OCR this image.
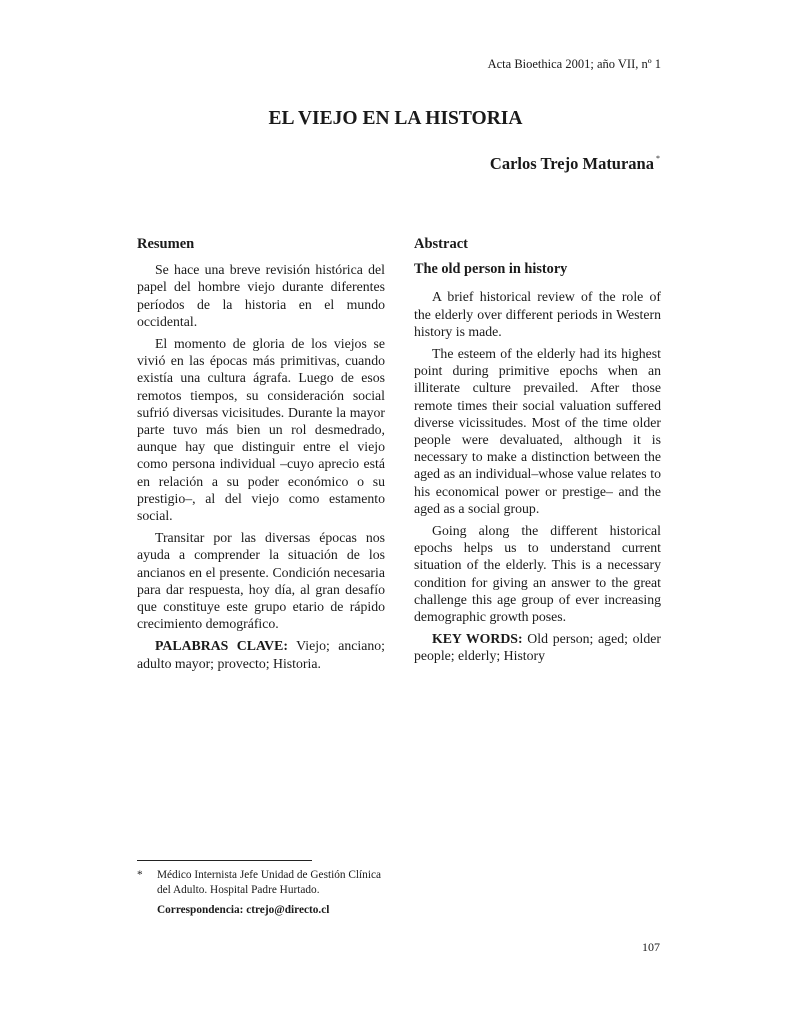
Acta Bioethica 2001; año VII, nº 1
EL VIEJO EN LA HISTORIA
Carlos Trejo Maturana *
Resumen

Se hace una breve revisión histórica del papel del hombre viejo durante diferentes períodos de la historia en el mundo occidental.

El momento de gloria de los viejos se vivió en las épocas más primitivas, cuando existía una cultura ágrafa. Luego de esos remotos tiempos, su consideración social sufrió diversas vicisitudes. Durante la mayor parte tuvo más bien un rol desmedrado, aunque hay que distinguir entre el viejo como persona individual –cuyo aprecio está en relación a su poder económico o su prestigio–, al del viejo como estamento social.

Transitar por las diversas épocas nos ayuda a comprender la situación de los ancianos en el presente. Condición necesaria para dar respuesta, hoy día, al gran desafío que constituye este grupo etario de rápido crecimiento demográfico.

PALABRAS CLAVE: Viejo; anciano; adulto mayor; provecto; Historia.

Abstract
The old person in history

A brief historical review of the role of the elderly over different periods in Western history is made.

The esteem of the elderly had its highest point during primitive epochs when an illiterate culture prevailed. After those remote times their social valuation suffered diverse vicissitudes. Most of the time older people were devaluated, although it is necessary to make a distinction between the aged as an individual–whose value relates to his economical power or prestige– and the aged as a social group.

Going along the different historical epochs helps us to understand current situation of the elderly. This is a necessary condition for giving an answer to the great challenge this age group of ever increasing demographic growth poses.

KEY WORDS: Old person; aged; older people; elderly; History

* Médico Internista Jefe Unidad de Gestión Clínica del Adulto. Hospital Padre Hurtado.
Correspondencia: ctrejo@directo.cl
107
